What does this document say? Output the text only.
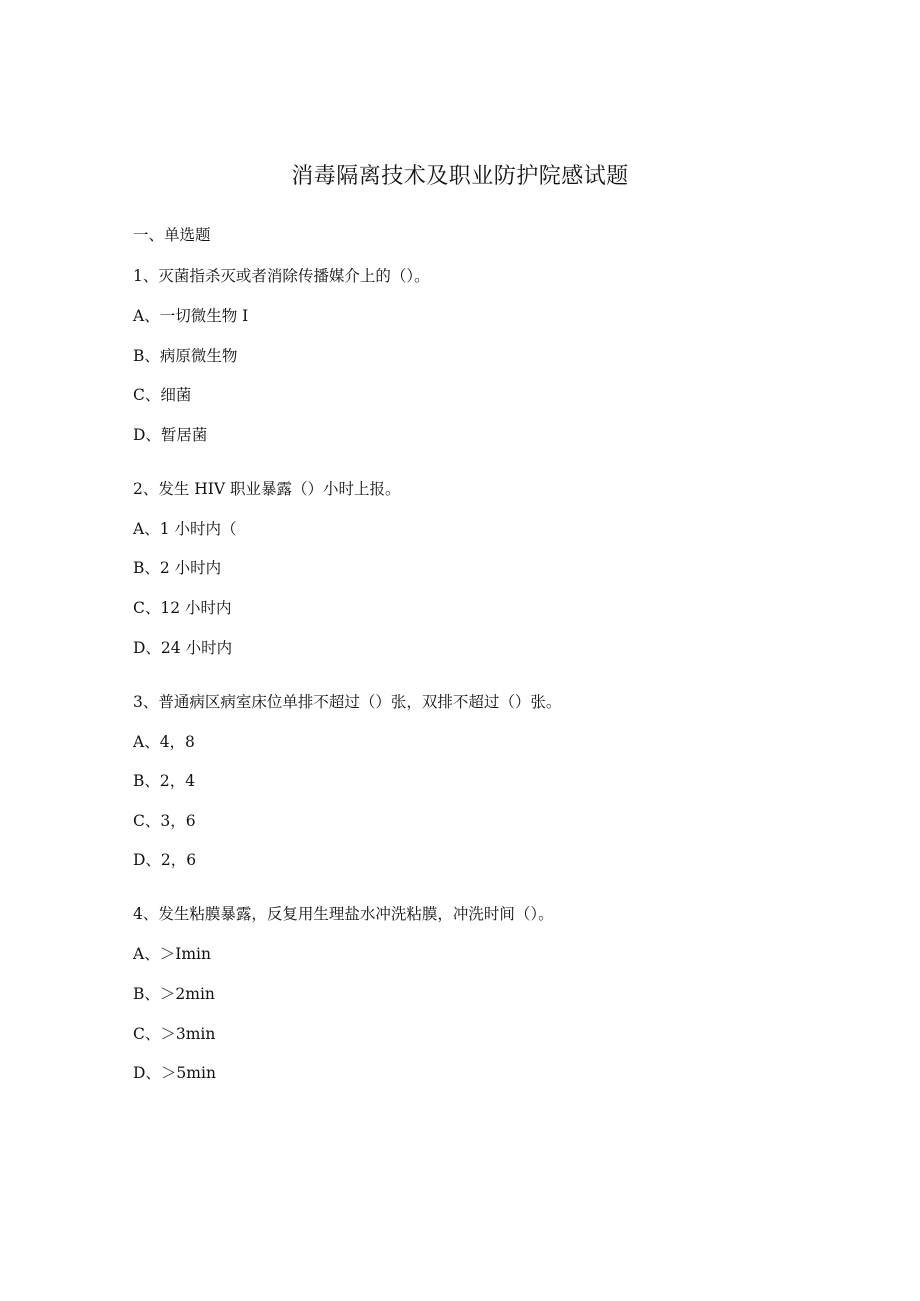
消毒隔离技术及职业防护院感试题
一、单选题
1、灭菌指杀灭或者消除传播媒介上的（）。
A、一切微生物 I
B、病原微生物
C、细菌
D、暂居菌
2、发生 HIV 职业暴露（）小时上报。
A、1 小时内（
B、2 小时内
C、12 小时内
D、24 小时内
3、普通病区病室床位单排不超过（）张，双排不超过（）张。
A、4，8
B、2，4
C、3，6
D、2，6
4、发生粘膜暴露，反复用生理盐水冲洗粘膜，冲洗时间（）。
A、＞Imin
B、＞2min
C、＞3min
D、＞5min
